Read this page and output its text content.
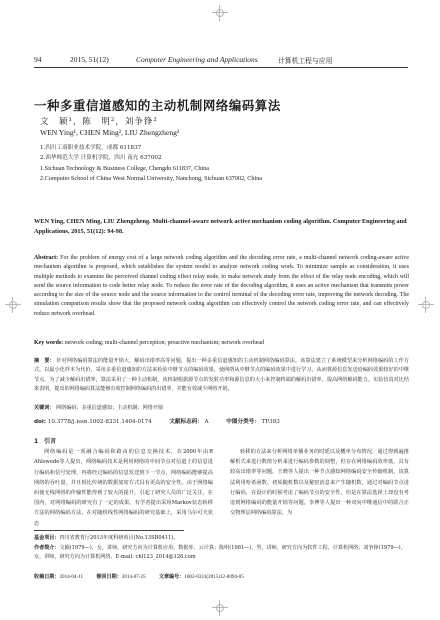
94	2015, 51(12)	Computer Engineering and Applications	计算机工程与应用
一种多重信道感知的主动机制网络编码算法
文　颖¹，陈　明²，刘争铮²
WEN Ying¹, CHEN Ming², LIU Zhengzheng²
1.四川工商职业技术学院，成都 611837
2.西华师范大学 计算机学院，四川 南充 637002
1.Sichuan Technology & Business College, Chengdu 611837, China
2.Computer School of China West Normal University, Nanchong, Sichuan 637002, China
WEN Ying, CHEN Ming, LIU Zhengzheng. Multi-channel-aware network active mechanism coding algorithm. Computer Engineering and Applications, 2015, 51(12): 94-98.
Abstract: For the problem of energy cost of a large network coding algorithm and the decoding error rate, a multi-channel network coding-aware active mechanism algorithm is proposed, which establishes the system model to analyze network coding work. To minimize sample as consideration, it uses multiple methods to examine the perceived channel coding effect relay node, to make network study from the effect of the relay node encoding, which will send the source information to code better relay node. To reduce the error rate of the decoding algorithm, it uses an active mechanism that transmits power according to the size of the source node and the source information to the control terminal of the decoding error rate, improving the network decoding. The simulation comparison results show that the proposed network coding algorithm can effectively control the network coding error rate, and can effectively reduce network overhead.
Key words: network coding; multi-channel perception; proactive mechanism; network overhead
摘　要： 针对网络编码算法的能量开销大，解码出错率高等问题，提出一种多重信道感知的主动机制网络编码算法。该算法建立了系统模型来分析网络编码的工作方式。以最小化样本为代价，采用多重信道感知的方法来检验中继节点的编码效果，使网络从中继节点的编码效果中进行学习，从而将源信息发送给编码效果较好的中继节点。为了减少解码出错率，算法采用了一种主动机制，该机制根据源节点的发射功率和源信息的大小来控制终端的解码出错率，提高网络解码能力。实验仿真对比结果表明，提出的网络编码算法能够有效控制网络编码的出错率，并能有效减少网络开销。
关键词： 网络编码；多重信道感知；主动机制；网络开销
doi: 10.3778/j.issn.1002-8331.1404-0174	文献标志码： A	中图分类号： TP393
1　引言
网络编码是一项融合编码和路由的信息交换技术，在2000年由R Ahlswede等人提出，网络编码技术是利用网络的中间节点对信道上的信息进行编码和信号处理，再将经过编码的信息发送到下一节点，网络编码能够提高网络的吞吐量，并且相比传统的数据加密方式具有更高的安全性。由于网络编码使无线网络的传输性能得到了较大的提升，引起了研究人员的广泛关注，在国内，对网络编码的研究有了一定的成果。有学者提出采用Markov状态转移方法的网络编码方法，在对随机线性网络编码的研究基础上，采用马尔可夫状态
转移的方法来分析网络单播业务的时延以及概率分布情况，通过得到遍推解析式来进行数值分析来进行编码参数的调整，但存在网络编码效率低，具有较高出错率等问题。王晓等人提出一种节点感知网络编码安全传输机制，该算法利用哈希函数、初始随机数以及秘密消息来产生随机数，通过对编码节点进行编码，在设计的时候考虑了编码节点的安全性，但是在算法选择上却没有考虑到网络编码的能量开销等问题。李博等人提出一种双向中继通信中的联合正交物理层网络编码算法，为
基金项目：四川省教育厅2013年度科研项目(No.13SB0411)。
作者简介：文颖(1979—)，女，讲师，研究方向为计算机应用、数据库、云计算；陈明(1981—)，男，讲师，研究方向为软件工程、计算机网络；刘争铮(1979—)，女，讲师，研究方向为计算机网络。E-mail: chl123_2014@126.com
收稿日期：2014-04-11	修回日期：2014-07-25	文章编号：1002-8331(2015)12-0094-05
